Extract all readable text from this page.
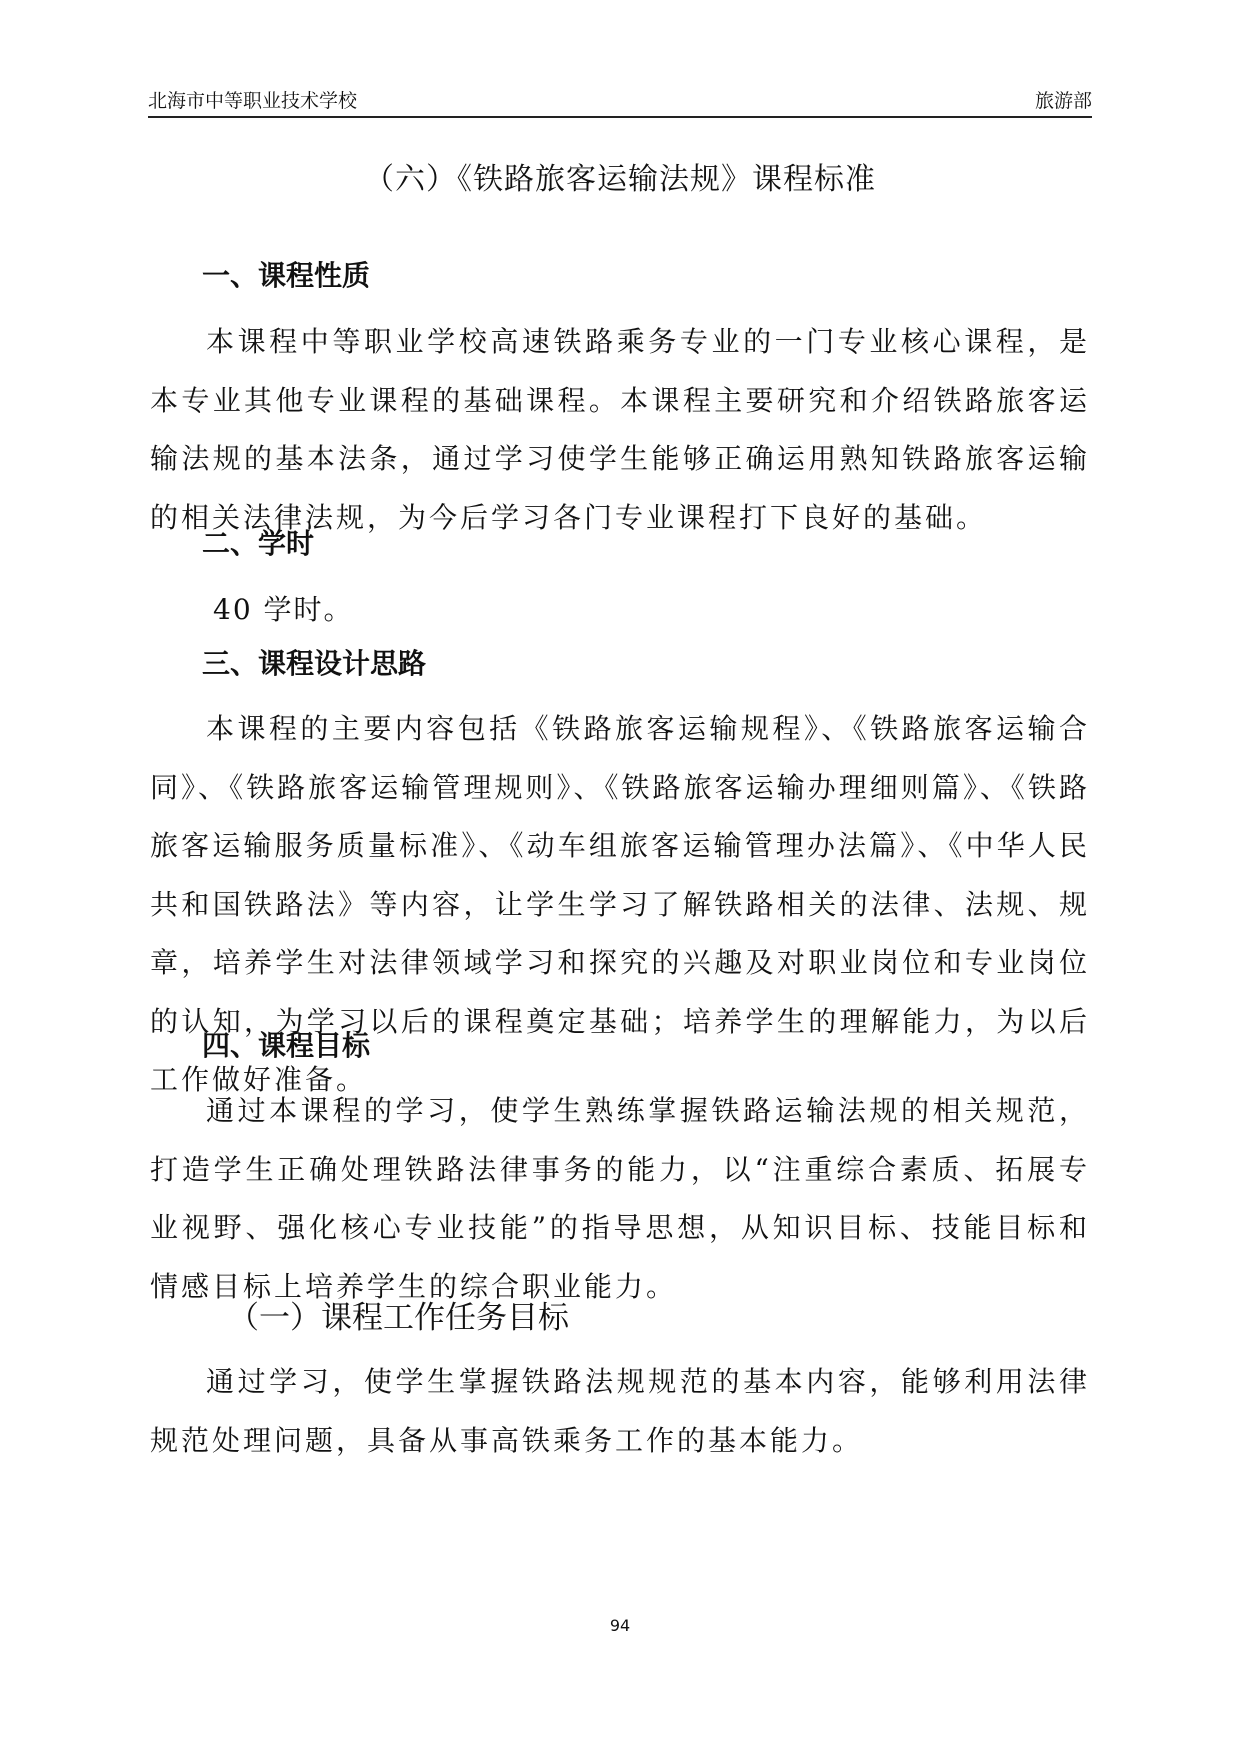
北海市中等职业技术学校	旅游部
（六）《铁路旅客运输法规》课程标准
一、课程性质

本课程中等职业学校高速铁路乘务专业的一门专业核心课程，是本专业其他专业课程的基础课程。本课程主要研究和介绍铁路旅客运输法规的基本法条，通过学习使学生能够正确运用熟知铁路旅客运输的相关法律法规，为今后学习各门专业课程打下良好的基础。

二、学时

40 学时。

三、课程设计思路

本课程的主要内容包括《铁路旅客运输规程》、《铁路旅客运输合同》、《铁路旅客运输管理规则》、《铁路旅客运输办理细则篇》、《铁路旅客运输服务质量标准》、《动车组旅客运输管理办法篇》、《中华人民共和国铁路法》等内容，让学生学习了解铁路相关的法律、法规、规章，培养学生对法律领域学习和探究的兴趣及对职业岗位和专业岗位的认知，为学习以后的课程奠定基础；培养学生的理解能力，为以后工作做好准备。

四、课程目标

通过本课程的学习，使学生熟练掌握铁路运输法规的相关规范，打造学生正确处理铁路法律事务的能力，以“注重综合素质、拓展专业视野、强化核心专业技能”的指导思想，从知识目标、技能目标和情感目标上培养学生的综合职业能力。

（一）课程工作任务目标

通过学习，使学生掌握铁路法规规范的基本内容，能够利用法律规范处理问题，具备从事高铁乘务工作的基本能力。

94
